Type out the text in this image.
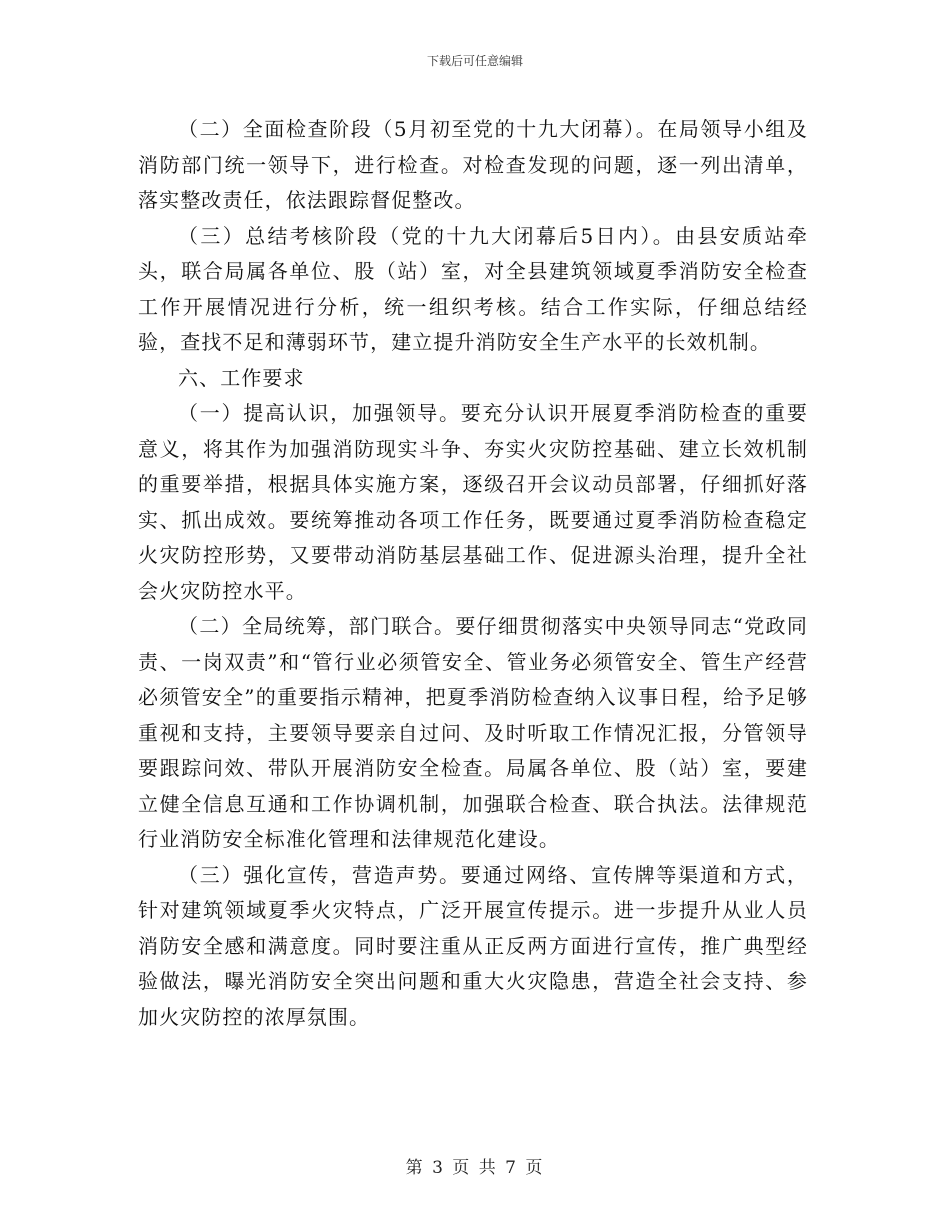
下载后可任意编辑

（二）全面检查阶段（5月初至党的十九大闭幕）。在局领导小组及消防部门统一领导下，进行检查。对检查发现的问题，逐一列出清单，落实整改责任，依法跟踪督促整改。

（三）总结考核阶段（党的十九大闭幕后5日内）。由县安质站牵头，联合局属各单位、股（站）室，对全县建筑领域夏季消防安全检查工作开展情况进行分析，统一组织考核。结合工作实际，仔细总结经验，查找不足和薄弱环节，建立提升消防安全生产水平的长效机制。

六、工作要求

（一）提高认识，加强领导。要充分认识开展夏季消防检查的重要意义，将其作为加强消防现实斗争、夯实火灾防控基础、建立长效机制的重要举措，根据具体实施方案，逐级召开会议动员部署，仔细抓好落实、抓出成效。要统筹推动各项工作任务，既要通过夏季消防检查稳定火灾防控形势，又要带动消防基层基础工作、促进源头治理，提升全社会火灾防控水平。

（二）全局统筹，部门联合。要仔细贯彻落实中央领导同志“党政同责、一岗双责”和“管行业必须管安全、管业务必须管安全、管生产经营必须管安全”的重要指示精神，把夏季消防检查纳入议事日程，给予足够重视和支持，主要领导要亲自过问、及时听取工作情况汇报，分管领导要跟踪问效、带队开展消防安全检查。局属各单位、股（站）室，要建立健全信息互通和工作协调机制，加强联合检查、联合执法。法律规范行业消防安全标准化管理和法律规范化建设。

（三）强化宣传，营造声势。要通过网络、宣传牌等渠道和方式，针对建筑领域夏季火灾特点，广泛开展宣传提示。进一步提升从业人员消防安全感和满意度。同时要注重从正反两方面进行宣传，推广典型经验做法，曝光消防安全突出问题和重大火灾隐患，营造全社会支持、参加火灾防控的浓厚氛围。

第 3 页 共 7 页
